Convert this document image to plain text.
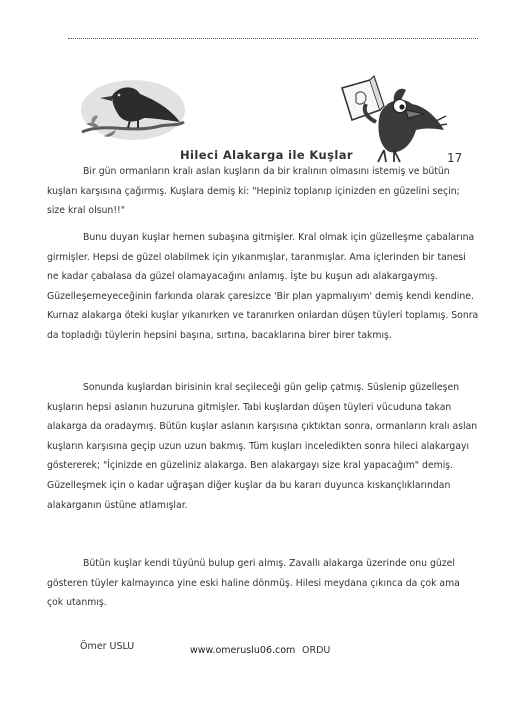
Hileci Alakarga ile Kuşlar	17

Bir gün ormanların kralı aslan kuşların da bir kralının olmasını istemiş ve bütün kuşları karşısına çağırmış. Kuşlara demiş ki: "Hepiniz toplanıp içinizden en güzelini seçin; size kral olsun!!"

Bunu duyan kuşlar hemen subaşına gitmişler. Kral olmak için güzelleşme çabalarına girmişler. Hepsi de güzel olabilmek için yıkanmışlar, taranmışlar. Ama içlerinden bir tanesi ne kadar çabalasa da güzel olamayacağını anlamış. İşte bu kuşun adı alakargaymış. Güzelleşemeyeceğinin farkında olarak çaresizce 'Bir plan yapmalıyım' demiş kendi kendine. Kurnaz alakarga öteki kuşlar yıkanırken ve taranırken onlardan düşen tüyleri toplamış. Sonra da topladığı tüylerin hepsini başına, sırtına, bacaklarına birer birer takmış.

Sonunda kuşlardan birisinin kral seçileceği gün gelip çatmış. Süslenip güzelleşen kuşların hepsi aslanın huzuruna gitmişler. Tabi kuşlardan düşen tüyleri vücuduna takan alakarga da oradaymış. Bütün kuşlar aslanın karşısına çıktıktan sonra, ormanların kralı aslan kuşların karşısına geçip uzun uzun bakmış. Tüm kuşları inceledikten sonra hileci alakargayı göstererek; "İçinizde en güzeliniz alakarga. Ben alakargayı size kral yapacağım" demiş. Güzelleşmek için o kadar uğraşan diğer kuşlar da bu kararı duyunca kıskançlıklarından alakarganın üstüne atlamışlar.

Bütün kuşlar kendi tüyünü bulup geri almış. Zavallı alakarga üzerinde onu güzel gösteren tüyler kalmayınca yine eski haline dönmüş. Hilesi meydana çıkınca da çok ama çok utanmış.

Ömer USLU	www.omeruslu06.com ORDU
